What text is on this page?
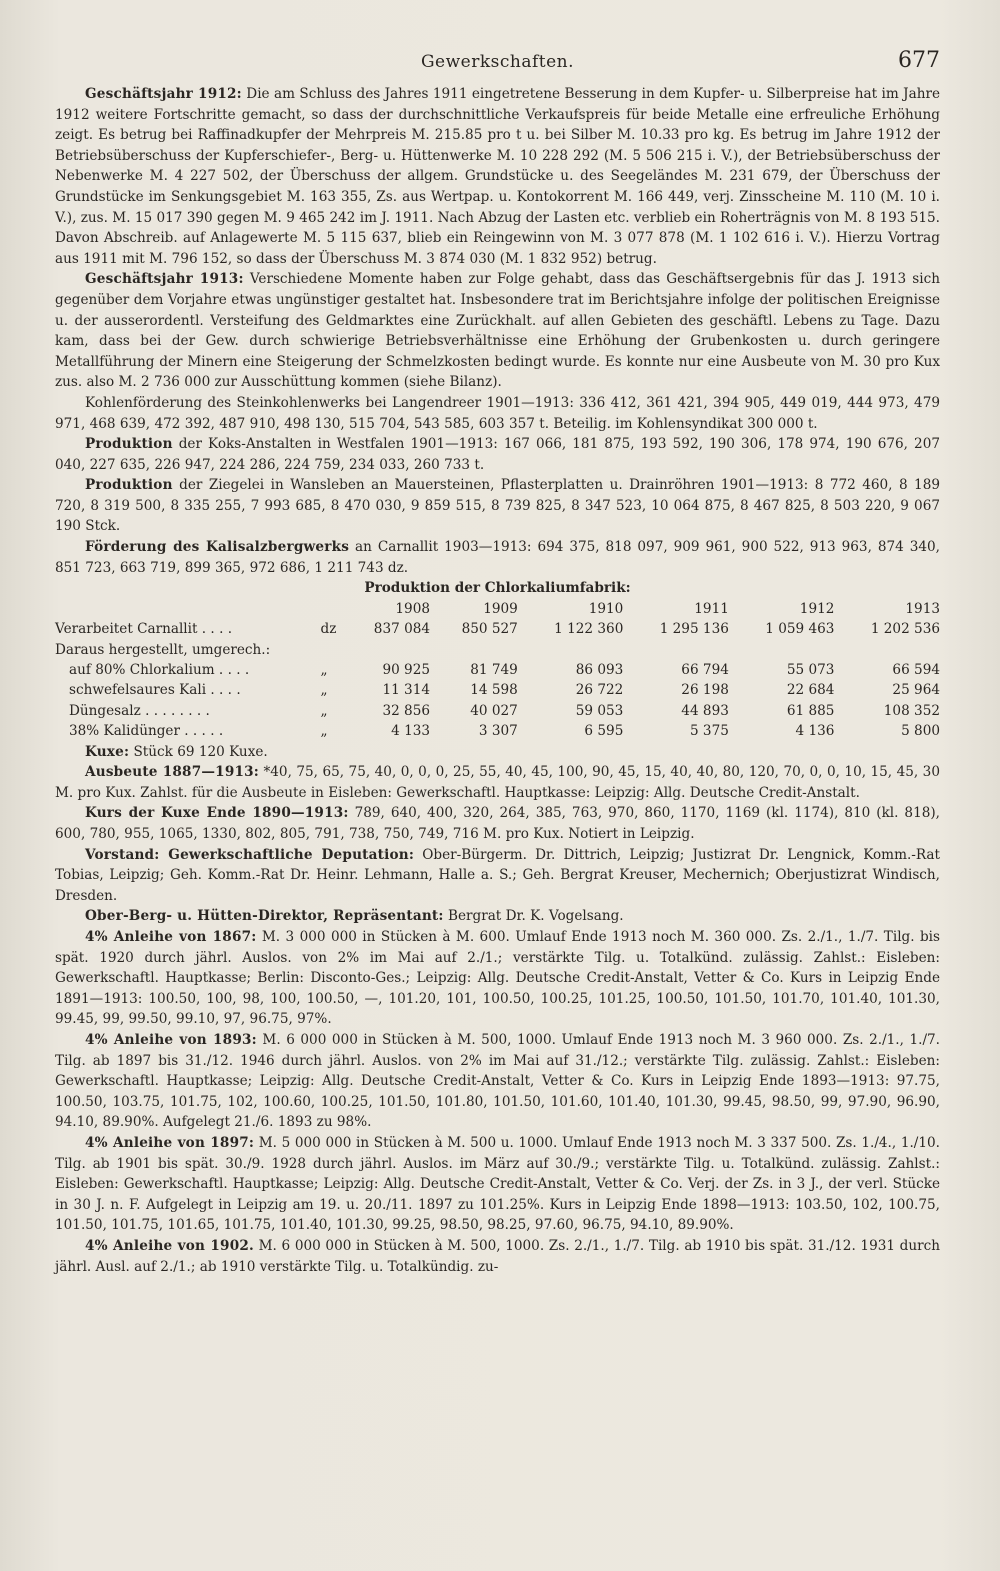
Gewerkschaften.	677

Geschäftsjahr 1912: Die am Schluss des Jahres 1911 eingetretene Besserung in dem Kupfer- u. Silberpreise hat im Jahre 1912 weitere Fortschritte gemacht, so dass der durchschnittliche Verkaufspreis für beide Metalle eine erfreuliche Erhöhung zeigt. Es betrug bei Raffinadkupfer der Mehrpreis M. 215.85 pro t u. bei Silber M. 10.33 pro kg. Es betrug im Jahre 1912 der Betriebsüberschuss der Kupferschiefer-, Berg- u. Hüttenwerke M. 10 228 292 (M. 5 506 215 i. V.), der Betriebsüberschuss der Nebenwerke M. 4 227 502, der Überschuss der allgem. Grundstücke u. des Seegeländes M. 231 679, der Überschuss der Grundstücke im Senkungsgebiet M. 163 355, Zs. aus Wertpap. u. Kontokorrent M. 166 449, verj. Zinsscheine M. 110 (M. 10 i. V.), zus. M. 15 017 390 gegen M. 9 465 242 im J. 1911. Nach Abzug der Lasten etc. verblieb ein Roherträgnis von M. 8 193 515. Davon Abschreib. auf Anlagewerte M. 5 115 637, blieb ein Reingewinn von M. 3 077 878 (M. 1 102 616 i. V.). Hierzu Vortrag aus 1911 mit M. 796 152, so dass der Überschuss M. 3 874 030 (M. 1 832 952) betrug.

Geschäftsjahr 1913: Verschiedene Momente haben zur Folge gehabt, dass das Geschäftsergebnis für das J. 1913 sich gegenüber dem Vorjahre etwas ungünstiger gestaltet hat. Insbesondere trat im Berichtsjahre infolge der politischen Ereignisse u. der ausserordentl. Versteifung des Geldmarktes eine Zurückhalt. auf allen Gebieten des geschäftl. Lebens zu Tage. Dazu kam, dass bei der Gew. durch schwierige Betriebsverhältnisse eine Erhöhung der Grubenkosten u. durch geringere Metallführung der Minern eine Steigerung der Schmelzkosten bedingt wurde. Es konnte nur eine Ausbeute von M. 30 pro Kux zus. also M. 2 736 000 zur Ausschüttung kommen (siehe Bilanz).

Kohlenförderung des Steinkohlenwerks bei Langendreer 1901—1913: 336 412, 361 421, 394 905, 449 019, 444 973, 479 971, 468 639, 472 392, 487 910, 498 130, 515 704, 543 585, 603 357 t. Beteilig. im Kohlensyndikat 300 000 t.

Produktion der Koks-Anstalten in Westfalen 1901—1913: 167 066, 181 875, 193 592, 190 306, 178 974, 190 676, 207 040, 227 635, 226 947, 224 286, 224 759, 234 033, 260 733 t.

Produktion der Ziegelei in Wansleben an Mauersteinen, Pflasterplatten u. Drainröhren 1901—1913: 8 772 460, 8 189 720, 8 319 500, 8 335 255, 7 993 685, 8 470 030, 9 859 515, 8 739 825, 8 347 523, 10 064 875, 8 467 825, 8 503 220, 9 067 190 Stck.

Förderung des Kalisalzbergwerks an Carnallit 1903—1913: 694 375, 818 097, 909 961, 900 522, 913 963, 874 340, 851 723, 663 719, 899 365, 972 686, 1 211 743 dz.

Produktion der Chlorkaliumfabrik:

		1908	1909	1910	1911	1912	1913
Verarbeitet Carnallit . . . .	dz	837 084	850 527	1 122 360	1 295 136	1 059 463	1 202 536
Daraus hergestellt, umgerech.:							
auf 80% Chlorkalium . . . .	„	90 925	81 749	86 093	66 794	55 073	66 594
schwefelsaures Kali . . . .	„	11 314	14 598	26 722	26 198	22 684	25 964
Düngesalz . . . . . . . .	„	32 856	40 027	59 053	44 893	61 885	108 352
38% Kalidünger . . . . .	„	4 133	3 307	6 595	5 375	4 136	5 800

Kuxe: Stück 69 120 Kuxe.

Ausbeute 1887—1913: *40, 75, 65, 75, 40, 0, 0, 0, 25, 55, 40, 45, 100, 90, 45, 15, 40, 40, 80, 120, 70, 0, 0, 10, 15, 45, 30 M. pro Kux. Zahlst. für die Ausbeute in Eisleben: Gewerkschaftl. Hauptkasse: Leipzig: Allg. Deutsche Credit-Anstalt.

Kurs der Kuxe Ende 1890—1913: 789, 640, 400, 320, 264, 385, 763, 970, 860, 1170, 1169 (kl. 1174), 810 (kl. 818), 600, 780, 955, 1065, 1330, 802, 805, 791, 738, 750, 749, 716 M. pro Kux. Notiert in Leipzig.

Vorstand: Gewerkschaftliche Deputation: Ober-Bürgerm. Dr. Dittrich, Leipzig; Justizrat Dr. Lengnick, Komm.-Rat Tobias, Leipzig; Geh. Komm.-Rat Dr. Heinr. Lehmann, Halle a. S.; Geh. Bergrat Kreuser, Mechernich; Oberjustizrat Windisch, Dresden.

Ober-Berg- u. Hütten-Direktor, Repräsentant: Bergrat Dr. K. Vogelsang.

4% Anleihe von 1867: M. 3 000 000 in Stücken à M. 600. Umlauf Ende 1913 noch M. 360 000. Zs. 2./1., 1./7. Tilg. bis spät. 1920 durch jährl. Auslos. von 2% im Mai auf 2./1.; verstärkte Tilg. u. Totalkünd. zulässig. Zahlst.: Eisleben: Gewerkschaftl. Hauptkasse; Berlin: Disconto-Ges.; Leipzig: Allg. Deutsche Credit-Anstalt, Vetter & Co. Kurs in Leipzig Ende 1891—1913: 100.50, 100, 98, 100, 100.50, —, 101.20, 101, 100.50, 100.25, 101.25, 100.50, 101.50, 101.70, 101.40, 101.30, 99.45, 99, 99.50, 99.10, 97, 96.75, 97%.

4% Anleihe von 1893: M. 6 000 000 in Stücken à M. 500, 1000. Umlauf Ende 1913 noch M. 3 960 000. Zs. 2./1., 1./7. Tilg. ab 1897 bis 31./12. 1946 durch jährl. Auslos. von 2% im Mai auf 31./12.; verstärkte Tilg. zulässig. Zahlst.: Eisleben: Gewerkschaftl. Hauptkasse; Leipzig: Allg. Deutsche Credit-Anstalt, Vetter & Co. Kurs in Leipzig Ende 1893—1913: 97.75, 100.50, 103.75, 101.75, 102, 100.60, 100.25, 101.50, 101.80, 101.50, 101.60, 101.40, 101.30, 99.45, 98.50, 99, 97.90, 96.90, 94.10, 89.90%. Aufgelegt 21./6. 1893 zu 98%.

4% Anleihe von 1897: M. 5 000 000 in Stücken à M. 500 u. 1000. Umlauf Ende 1913 noch M. 3 337 500. Zs. 1./4., 1./10. Tilg. ab 1901 bis spät. 30./9. 1928 durch jährl. Auslos. im März auf 30./9.; verstärkte Tilg. u. Totalkünd. zulässig. Zahlst.: Eisleben: Gewerkschaftl. Hauptkasse; Leipzig: Allg. Deutsche Credit-Anstalt, Vetter & Co. Verj. der Zs. in 3 J., der verl. Stücke in 30 J. n. F. Aufgelegt in Leipzig am 19. u. 20./11. 1897 zu 101.25%. Kurs in Leipzig Ende 1898—1913: 103.50, 102, 100.75, 101.50, 101.75, 101.65, 101.75, 101.40, 101.30, 99.25, 98.50, 98.25, 97.60, 96.75, 94.10, 89.90%.

4% Anleihe von 1902. M. 6 000 000 in Stücken à M. 500, 1000. Zs. 2./1., 1./7. Tilg. ab 1910 bis spät. 31./12. 1931 durch jährl. Ausl. auf 2./1.; ab 1910 verstärkte Tilg. u. Totalkündig. zu-
